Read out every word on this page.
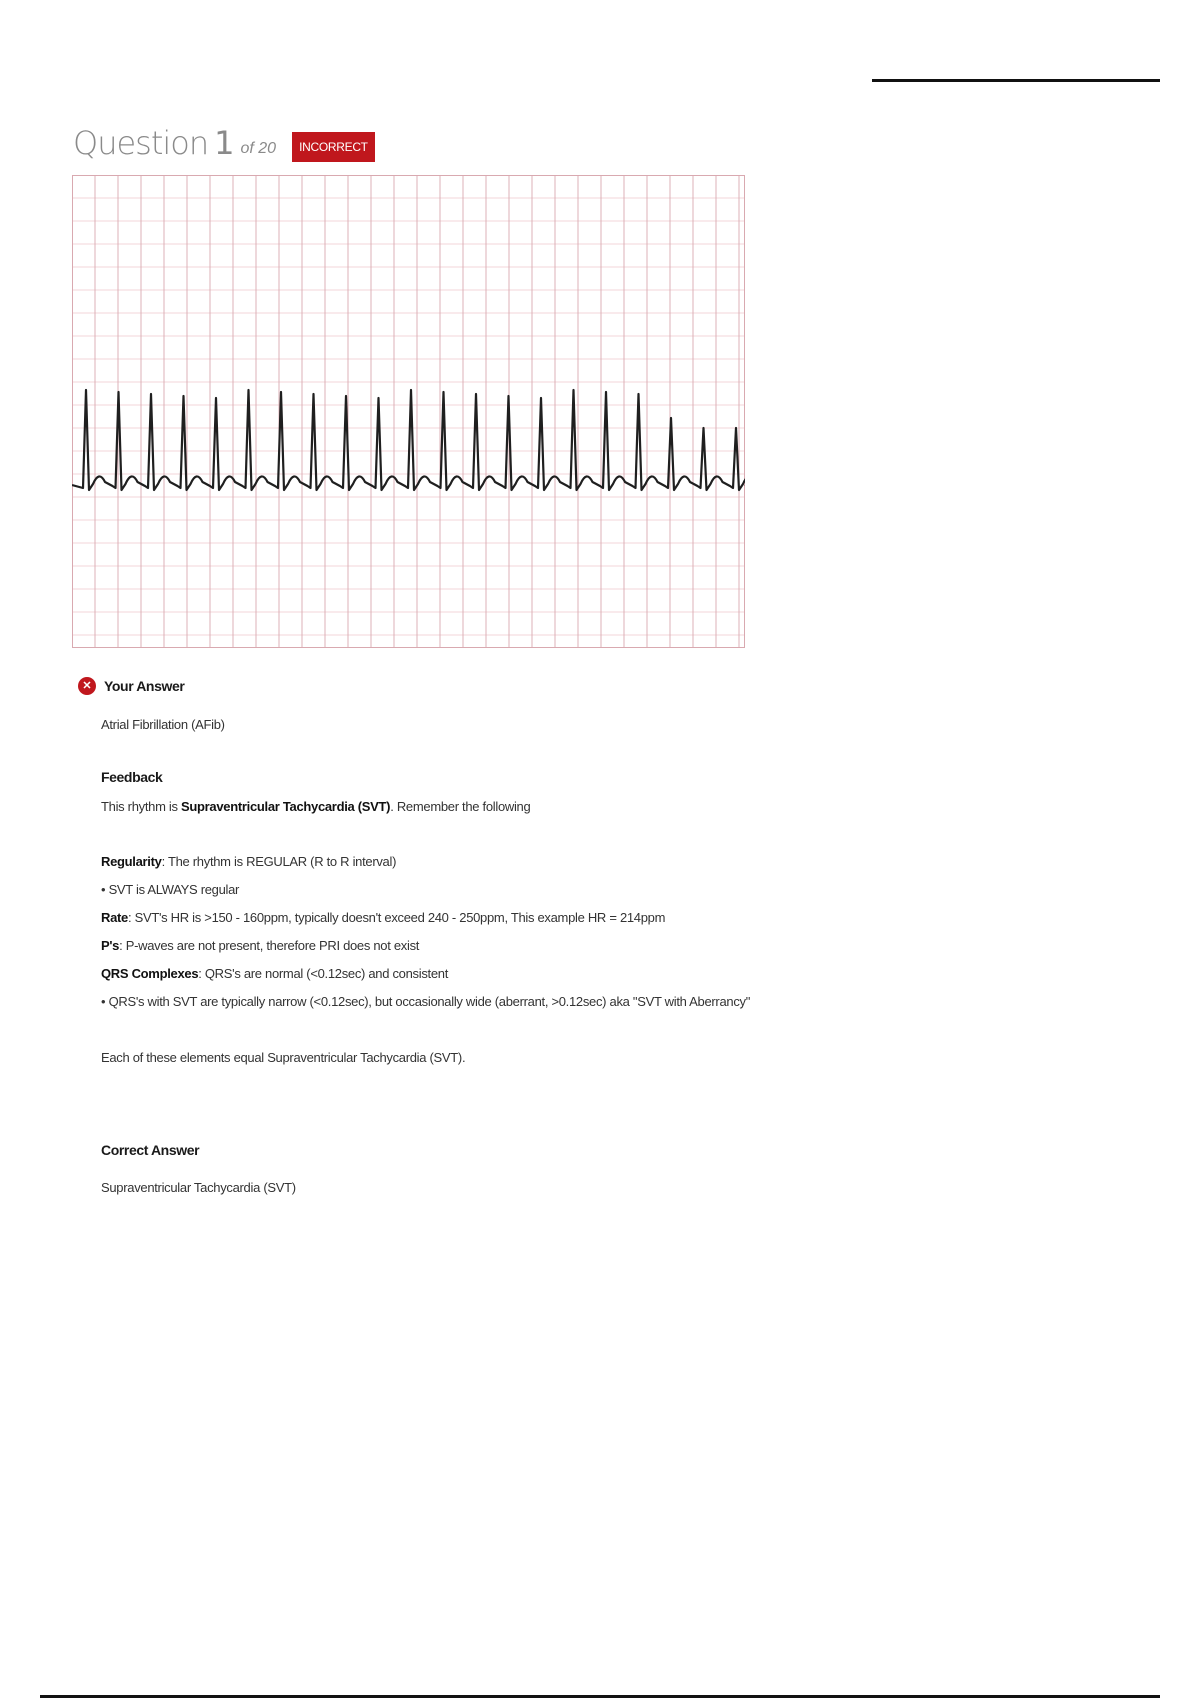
Question 1 of 20	INCORRECT
✕ Your Answer
Atrial Fibrillation (AFib)
Feedback
This rhythm is Supraventricular Tachycardia (SVT). Remember the following
Regularity: The rhythm is REGULAR (R to R interval)
• SVT is ALWAYS regular
Rate: SVT's HR is >150 - 160ppm, typically doesn't exceed 240 - 250ppm, This example HR = 214ppm
P's: P-waves are not present, therefore PRI does not exist
QRS Complexes: QRS's are normal (<0.12sec) and consistent
• QRS's with SVT are typically narrow (<0.12sec), but occasionally wide (aberrant, >0.12sec) aka "SVT with Aberrancy"
Each of these elements equal Supraventricular Tachycardia (SVT).
Correct Answer
Supraventricular Tachycardia (SVT)
